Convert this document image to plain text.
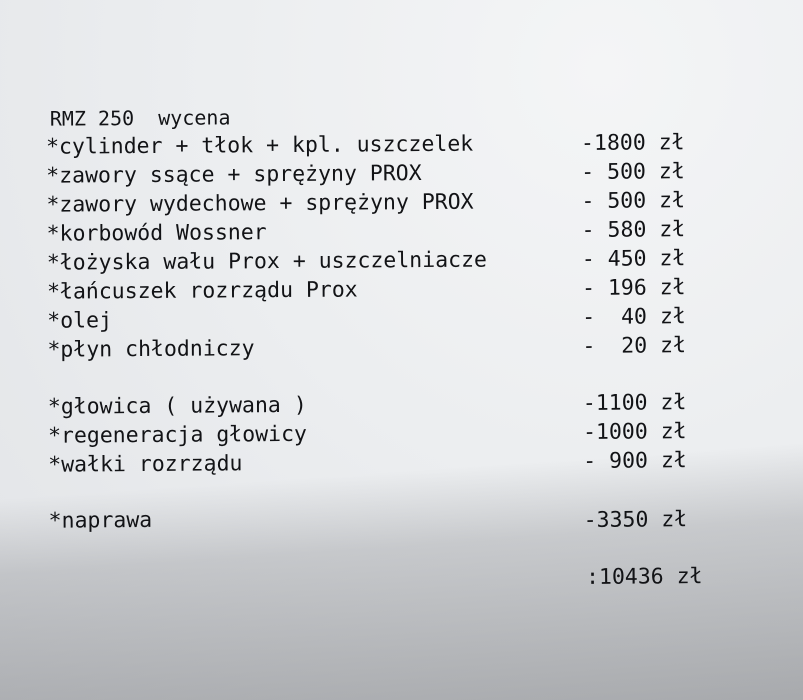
RMZ 250  wycena
*cylinder + tłok + kpl. uszczelek	-1800 zł
*zawory ssące + sprężyny PROX	- 500 zł
*zawory wydechowe + sprężyny PROX	- 500 zł
*korbowód Wossner	- 580 zł
*łożyska wału Prox + uszczelniacze	- 450 zł
*łańcuszek rozrządu Prox	- 196 zł
*olej	-  40 zł
*płyn chłodniczy	-  20 zł
*głowica ( używana )	-1100 zł
*regeneracja głowicy	-1000 zł
*wałki rozrządu	- 900 zł
*naprawa	-3350 zł
:10436 zł
